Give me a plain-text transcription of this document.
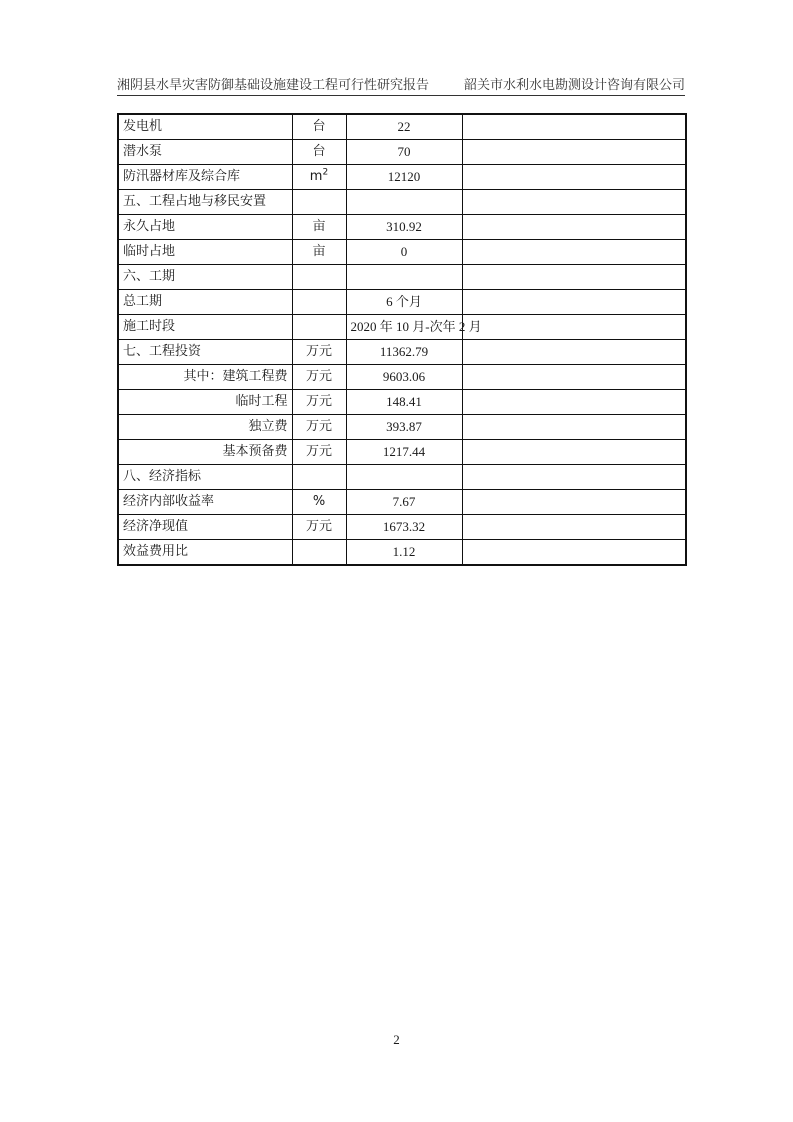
湘阴县水旱灾害防御基础设施建设工程可行性研究报告	韶关市水利水电勘测设计咨询有限公司
发电机	台	22	
潜水泵	台	70	
防汛器材库及综合库	$m^2$	12120	
五、工程占地与移民安置			
永久占地	亩	310.92	
临时占地	亩	0	
六、工期			
总工期		6 个月	
施工时段		2020 年 10 月-次年 2 月	
七、工程投资	万元	11362.79	
其中：建筑工程费	万元	9603.06	
临时工程	万元	148.41	
独立费	万元	393.87	
基本预备费	万元	1217.44	
八、经济指标			
经济内部收益率	%	7.67	
经济净现值	万元	1673.32	
效益费用比		1.12	
2
